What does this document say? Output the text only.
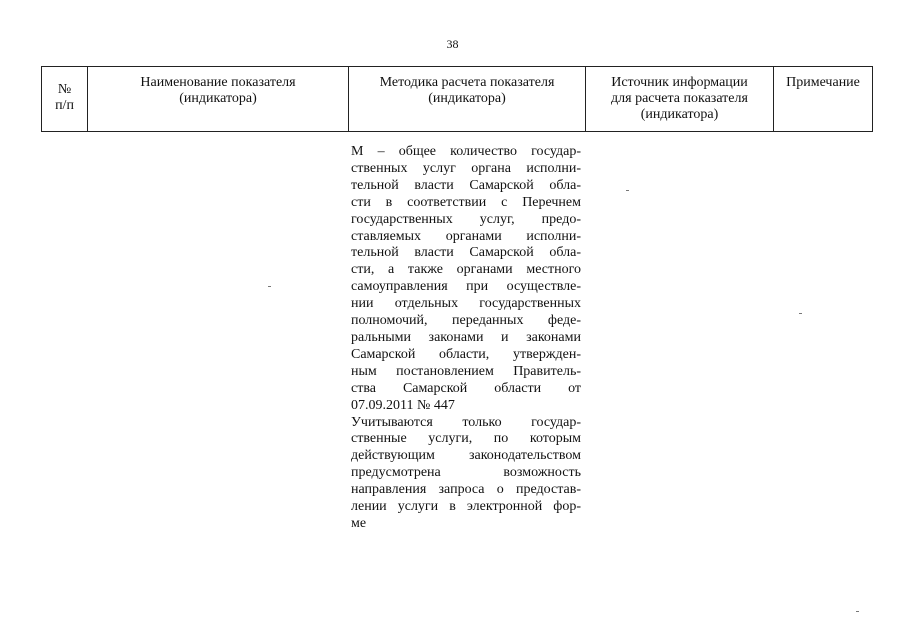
38
№
п/п
Наименование показателя
(индикатора)
Методика расчета показателя
(индикатора)
Источник информации
для расчета показателя
(индикатора)
Примечание
M – общее количество государ-
ственных услуг органа исполни-
тельной власти Самарской обла-
сти в соответствии с Перечнем
государственных услуг, предо-
ставляемых органами исполни-
тельной власти Самарской обла-
сти, а также органами местного
самоуправления при осуществле-
нии отдельных государственных
полномочий, переданных феде-
ральными законами и законами
Самарской области, утвержден-
ным постановлением Правитель-
ства Самарской области от
07.09.2011 № 447
Учитываются только государ-
ственные услуги, по которым
действующим законодательством
предусмотрена возможность
направления запроса о предостав-
лении услуги в электронной фор-
ме
